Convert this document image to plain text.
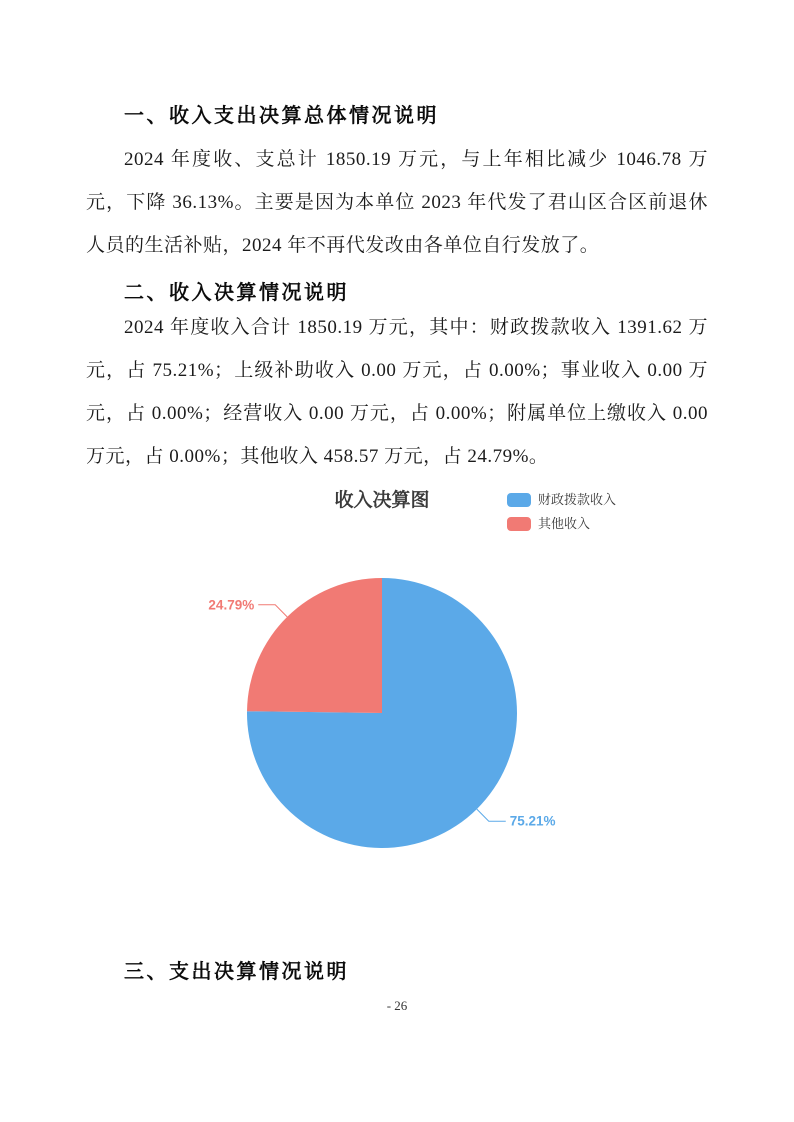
一、收入支出决算总体情况说明

2024 年度收、支总计 1850.19 万元，与上年相比减少 1046.78 万元，下降 36.13%。主要是因为本单位 2023 年代发了君山区合区前退休人员的生活补贴，2024 年不再代发改由各单位自行发放了。

二、收入决算情况说明

2024 年度收入合计 1850.19 万元，其中：财政拨款收入 1391.62 万元，占 75.21%；上级补助收入 0.00 万元，占 0.00%；事业收入 0.00 万元，占 0.00%；经营收入 0.00 万元，占 0.00%；附属单位上缴收入 0.00 万元，占 0.00%；其他收入 458.57 万元，占 24.79%。

收入决算图	财政拨款收入
其他收入
75.21%
24.79%
三、支出决算情况说明
- 26
